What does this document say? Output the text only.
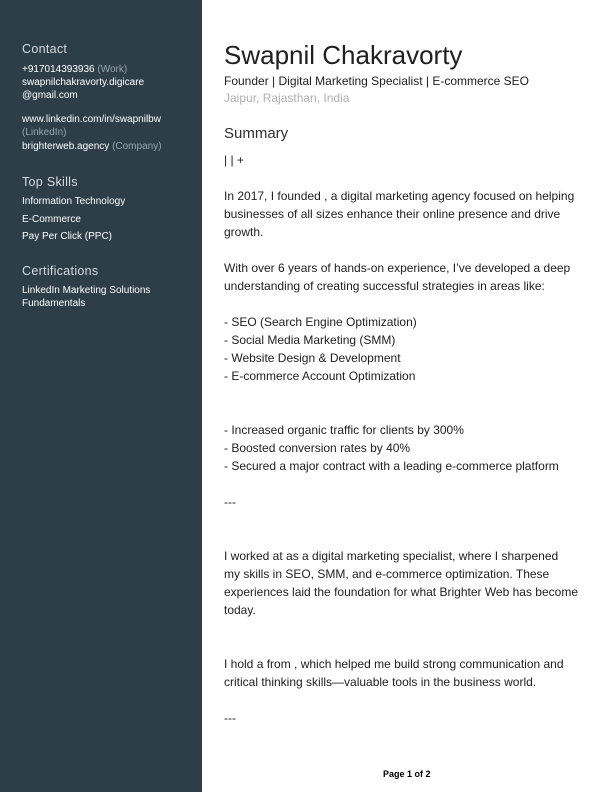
Contact
+917014393936 (Work)
swapnilchakravorty.digicare
@gmail.com
www.linkedin.com/in/swapnilbw
(LinkedIn)
brighterweb.agency (Company)
Top Skills
Information Technology
E-Commerce
Pay Per Click (PPC)
Certifications
LinkedIn Marketing Solutions
Fundamentals
Swapnil Chakravorty
Founder | Digital Marketing Specialist | E-commerce SEO
Jaipur, Rajasthan, India
Summary
| | +
In 2017, I founded , a digital marketing agency focused on helping
businesses of all sizes enhance their online presence and drive
growth.
With over 6 years of hands-on experience, I’ve developed a deep
understanding of creating successful strategies in areas like:
- SEO (Search Engine Optimization)
- Social Media Marketing (SMM)
- Website Design & Development
- E-commerce Account Optimization
- Increased organic traffic for clients by 300%
- Boosted conversion rates by 40%
- Secured a major contract with a leading e-commerce platform
---
I worked at as a digital marketing specialist, where I sharpened
my skills in SEO, SMM, and e-commerce optimization. These
experiences laid the foundation for what Brighter Web has become
today.
I hold a from , which helped me build strong communication and
critical thinking skills—valuable tools in the business world.
---
Page 1 of 2
